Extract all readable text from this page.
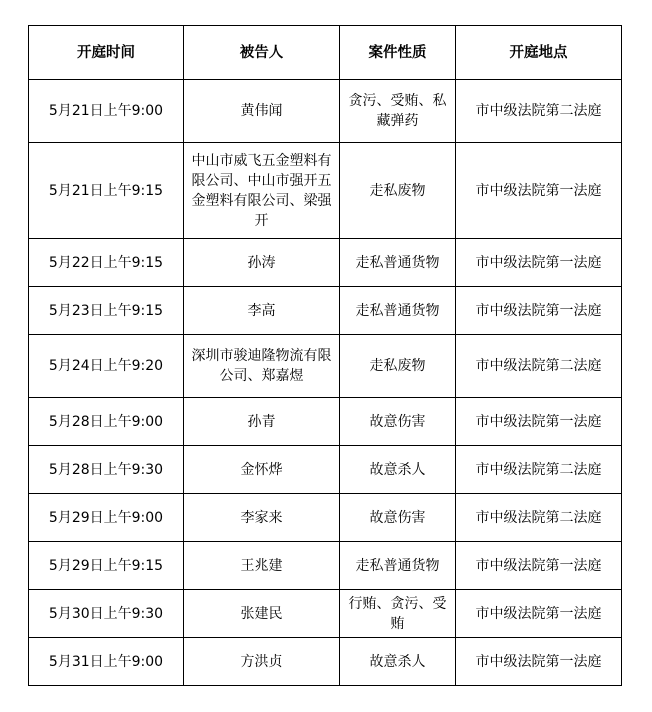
开庭时间	被告人	案件性质	开庭地点
5月21日上午9:00	黄伟闻	贪污、受贿、私藏弹药	市中级法院第二法庭
5月21日上午9:15	中山市威飞五金塑料有限公司、中山市强开五金塑料有限公司、梁强开	走私废物	市中级法院第一法庭
5月22日上午9:15	孙涛	走私普通货物	市中级法院第一法庭
5月23日上午9:15	李高	走私普通货物	市中级法院第一法庭
5月24日上午9:20	深圳市骏迪隆物流有限公司、郑嘉煜	走私废物	市中级法院第二法庭
5月28日上午9:00	孙青	故意伤害	市中级法院第一法庭
5月28日上午9:30	金怀烨	故意杀人	市中级法院第二法庭
5月29日上午9:00	李家来	故意伤害	市中级法院第二法庭
5月29日上午9:15	王兆建	走私普通货物	市中级法院第一法庭
5月30日上午9:30	张建民	行贿、贪污、受贿	市中级法院第一法庭
5月31日上午9:00	方洪贞	故意杀人	市中级法院第一法庭
